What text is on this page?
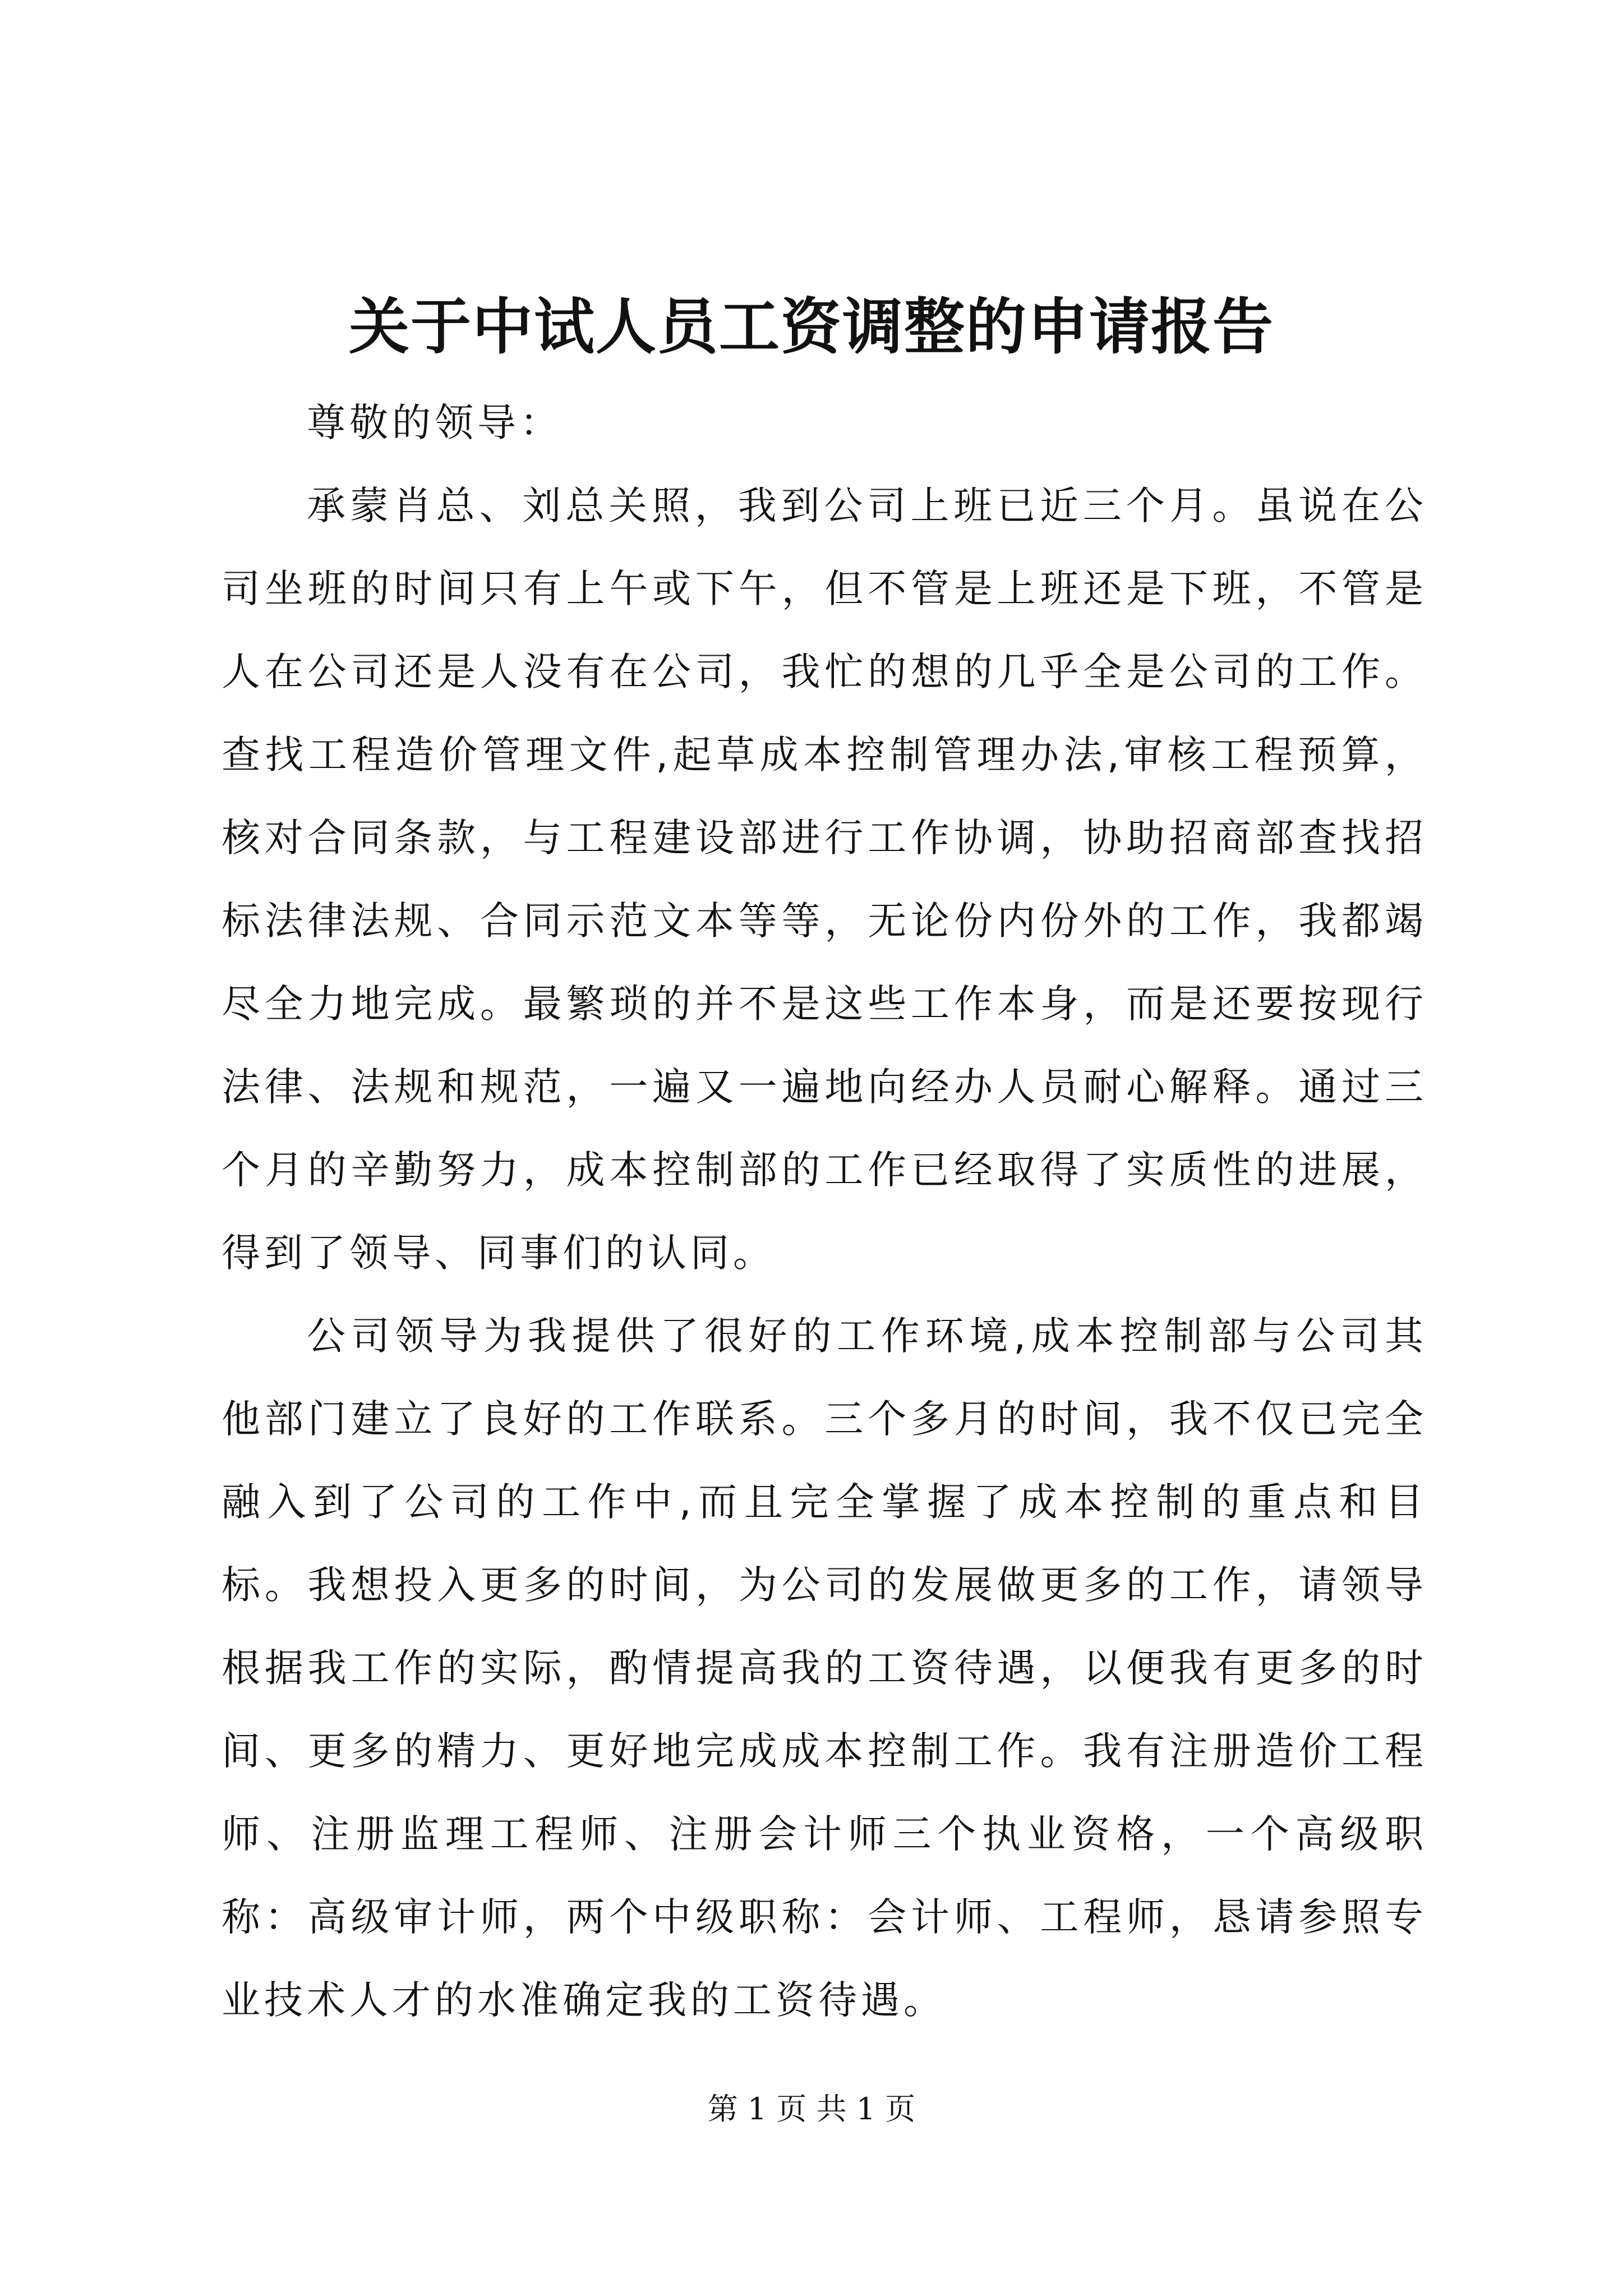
关于中试人员工资调整的申请报告

尊敬的领导：

承蒙肖总、刘总关照，我到公司上班已近三个月。虽说在公司坐班的时间只有上午或下午，但不管是上班还是下班，不管是人在公司还是人没有在公司，我忙的想的几乎全是公司的工作。查找工程造价管理文件,起草成本控制管理办法,审核工程预算，核对合同条款，与工程建设部进行工作协调，协助招商部查找招标法律法规、合同示范文本等等，无论份内份外的工作，我都竭尽全力地完成。最繁琐的并不是这些工作本身，而是还要按现行法律、法规和规范，一遍又一遍地向经办人员耐心解释。通过三个月的辛勤努力，成本控制部的工作已经取得了实质性的进展，得到了领导、同事们的认同。

公司领导为我提供了很好的工作环境,成本控制部与公司其他部门建立了良好的工作联系。三个多月的时间，我不仅已完全融入到了公司的工作中,而且完全掌握了成本控制的重点和目标。我想投入更多的时间，为公司的发展做更多的工作，请领导根据我工作的实际，酌情提高我的工资待遇，以便我有更多的时间、更多的精力、更好地完成成本控制工作。我有注册造价工程师、注册监理工程师、注册会计师三个执业资格，一个高级职称：高级审计师，两个中级职称：会计师、工程师，恳请参照专业技术人才的水准确定我的工资待遇。

第 1 页 共 1 页
